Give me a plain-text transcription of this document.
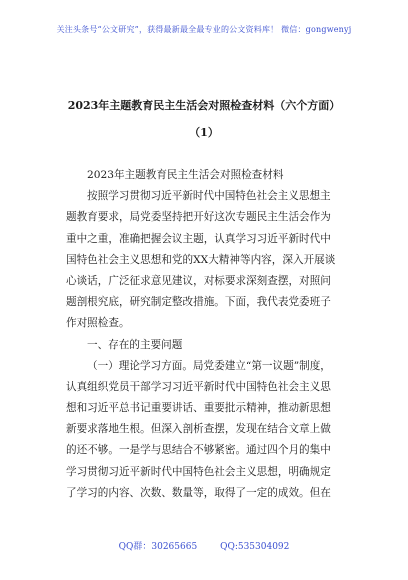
关注头条号“公文研究”，获得最新最全最专业的公文资料库！ 微信：gongwenyj
2023年主题教育民主生活会对照检查材料（六个方面）
（1）
2023年主题教育民主生活会对照检查材料
按照学习贯彻习近平新时代中国特色社会主义思想主
题教育要求，局党委坚持把开好这次专题民主生活会作为
重中之重，准确把握会议主题，认真学习习近平新时代中
国特色社会主义思想和党的XX大精神等内容，深入开展谈
心谈话，广泛征求意见建议，对标要求深刻查摆，对照问
题剖根究底，研究制定整改措施。下面，我代表党委班子
作对照检查。
一、存在的主要问题
（一）理论学习方面。局党委建立“第一议题”制度，
认真组织党员干部学习习近平新时代中国特色社会主义思
想和习近平总书记重要讲话、重要批示精神，推动新思想
新要求落地生根。但深入剖析查摆，发现在结合文章上做
的还不够。一是学与思结合不够紧密。通过四个月的集中
学习贯彻习近平新时代中国特色社会主义思想，明确规定
了学习的内容、次数、数量等，取得了一定的成效。但在
QQ群：30265665	QQ:535304092
